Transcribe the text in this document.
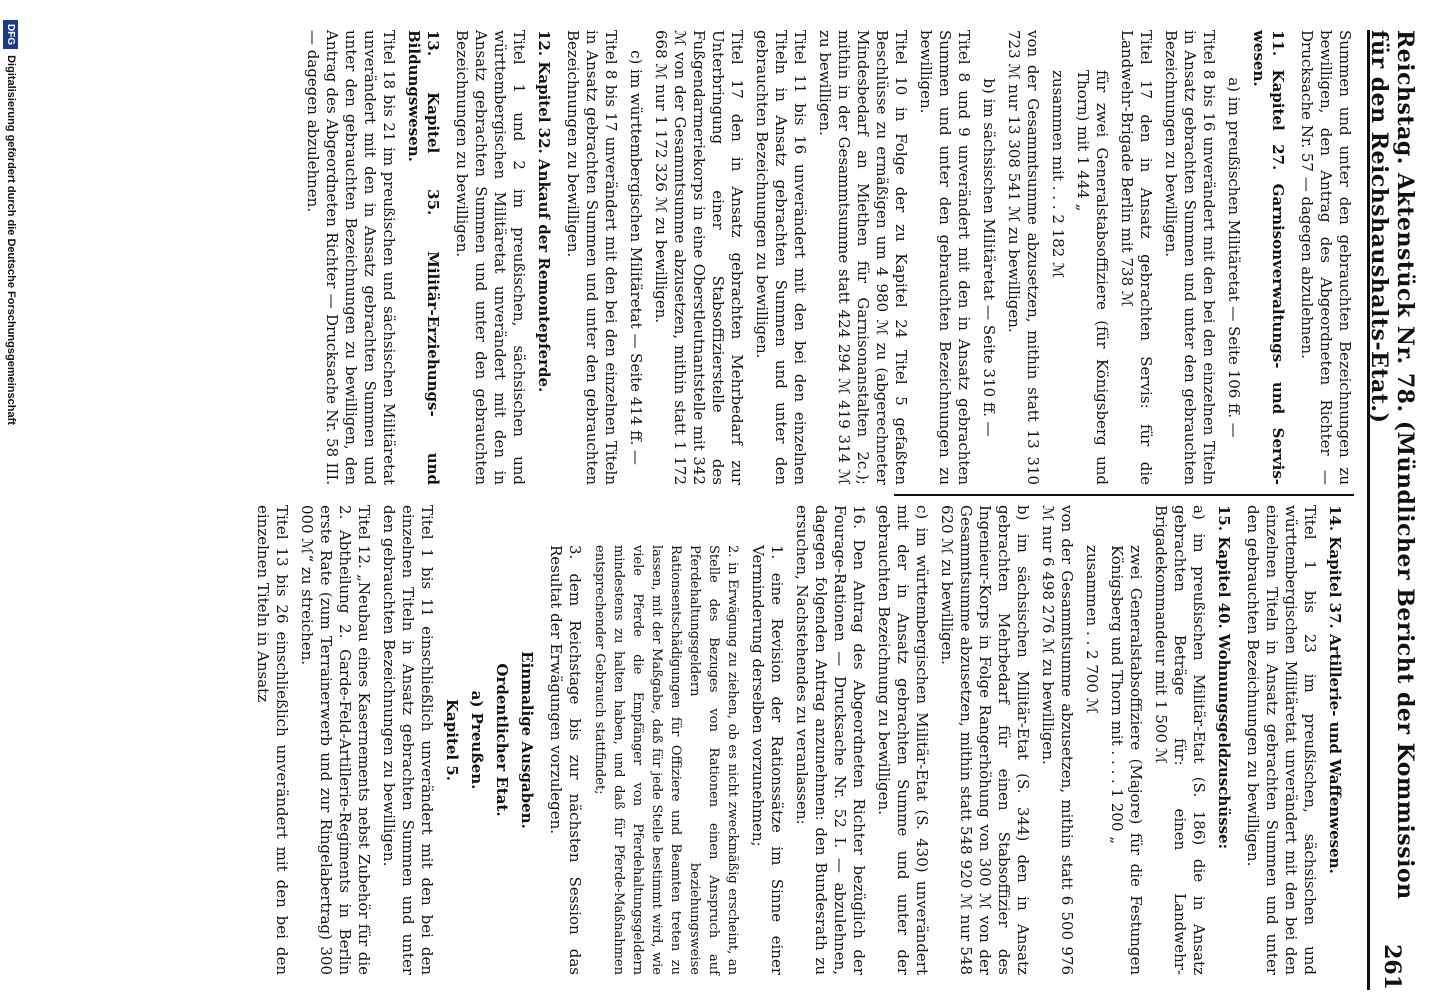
Reichstag. Aktenstück Nr. 78. (Mündlicher Bericht der Kommission für den Reichshaushalts-Etat.)
261

Summen und unter den gebrauchten Bezeichnungen zu bewilligen, den Antrag des Abgeordneten Richter — Drucksache Nr. 57 — dagegen abzulehnen.

11. Kapitel 27. Garnisonverwaltungs- und Servis-wesen.

a) im preußischen Militäretat — Seite 106 ff. —

Titel 8 bis 16 unverändert mit den bei den einzelnen Titeln in Ansatz gebrachten Summen und unter den gebrauchten Bezeichnungen zu bewilligen.

Titel 17 den in Ansatz gebrachten Servis: für die Landwehr-Brigade Berlin mit 738 ℳ

für zwei Generalstabsoffiziere (für Königsberg und Thorn) mit 1 444 „

zusammen mit . . . 2 182 ℳ

von der Gesammtsumme abzusetzen, mithin statt 13 310 723 ℳ nur 13 308 541 ℳ zu bewilligen.

b) im sächsischen Militäretat — Seite 310 ff. —

Titel 8 und 9 unverändert mit den in Ansatz gebrachten Summen und unter den gebrauchten Bezeichnungen zu bewilligen.

Titel 10 in Folge der zu Kapitel 24 Titel 5 gefaßten Beschlüsse zu ermäßigen um 4 980 ℳ zu (abgerechneter Mindesbedarf an Miethen für Garnisonanstalten 2c.); mithin in der Gesammtsumme statt 424 294 ℳ 419 314 ℳ zu bewilligen.

Titel 11 bis 16 unverändert mit den bei den einzelnen Titeln in Ansatz gebrachten Summen und unter den gebrauchten Bezeichnungen zu bewilligen.

Titel 17 den in Ansatz gebrachten Mehrbedarf zur Unterbringung einer Stabsoffizierstelle des Fußgendarmeriekorps in eine Oberstleutnantstelle mit 342 ℳ von der Gesammtsumme abzusetzen, mithin statt 1 172 668 ℳ nur 1 172 326 ℳ zu bewilligen.

c) im württembergischen Militäretat — Seite 414 ff. —

Titel 8 bis 17 unverändert mit den bei den einzelnen Titeln in Ansatz gebrachten Summen und unter den gebrauchten Bezeichnungen zu bewilligen.

12. Kapitel 32. Ankauf der Remontepferde.

Titel 1 und 2 im preußischen, sächsischen und württembergischen Militäretat unverändert mit den in Ansatz gebrachten Summen und unter den gebrauchten Bezeichnungen zu bewilligen.

13. Kapitel 35. Militär-Erziehungs- und Bildungswesen.

Titel 18 bis 21 im preußischen und sächsischen Militäretat unverändert mit den in Ansatz gebrachten Summen und unter den gebrauchten Bezeichnungen zu bewilligen, den Antrag des Abgeordneten Richter — Drucksache Nr. 58 III. — dagegen abzulehnen.

14. Kapitel 37. Artillerie- und Waffenwesen.

Titel 1 bis 23 im preußischen, sächsischen und württembergischen Militäretat unverändert mit den bei den einzelnen Titeln in Ansatz gebrachten Summen und unter den gebrauchten Bezeichnungen zu bewilligen.

15. Kapitel 40. Wohnungsgeldzuschüsse:

a) im preußischen Militär-Etat (S. 186) die in Ansatz gebrachten Beträge für: einen Landwehr-Brigadekommandeur mit 1 500 ℳ

zwei Generalstabsoffiziere (Majore) für die Festungen Königsberg und Thorn mit . . . . 1 200 „

zusammen . . 2 700 ℳ

von der Gesammtsumme abzusetzen, mithin statt 6 500 976 ℳ nur 6 498 276 ℳ zu bewilligen.

b) im sächsischen Militär-Etat (S. 344) den in Ansatz gebrachten Mehrbedarf für einen Stabsoffizier des Ingenieur-Korps in Folge Rangerhöhung von 300 ℳ von der Gesammtsumme abzusetzen, mithin statt 548 920 ℳ nur 548 620 ℳ zu bewilligen.

c) im württembergischen Militär-Etat (S. 430) unverändert mit der in Ansatz gebrachten Summe und unter der gebrauchten Bezeichnung zu bewilligen.

16. Den Antrag des Abgeordneten Richter bezüglich der Fourage-Rationen — Drucksache Nr. 52 I. — abzulehnen, dagegen folgenden Antrag anzunehmen: den Bundesrath zu ersuchen, Nachstehendes zu veranlassen:

1. eine Revision der Rationssätze im Sinne einer Verminderung derselben vorzunehmen;

2. in Erwägung zu ziehen, ob es nicht zweckmäßig erscheint, an Stelle des Bezuges von Rationen einen Anspruch auf Pferdehaltungsgeldern beziehungsweise Rationsentschädigungen für Offiziere und Beamten treten zu lassen, mit der Maßgabe, daß für jede Stelle bestimmt wird, wie viele Pferde die Empfänger von Pferdehaltungsgeldern mindestens zu halten haben, und daß für Pferde-Maßnahmen entsprechender Gebrauch stattfindet;

3. dem Reichstage bis zur nächsten Session das Resultat der Erwägungen vorzulegen.

Einmalige Ausgaben.

Ordentlicher Etat.

a) Preußen.

Kapitel 5.

Titel 1 bis 11 einschließlich unverändert mit den bei den einzelnen Titeln in Ansatz gebrachten Summen und unter den gebrauchten Bezeichnungen zu bewilligen.

Titel 12. „Neubau eines Kasernements nebst Zubehör für die 2. Abtheilung 2. Garde-Feld-Artillerie-Regiments in Berlin erste Rate (zum Terrainerwerb und zur Ringelabertrag) 300 000 ℳ“ zu streichen.

Titel 13 bis 26 einschließlich unverändert mit den bei den einzelnen Titeln in Ansatz

DFG
Digitalisierung gefördert durch die Deutsche Forschungsgemeinschaft
